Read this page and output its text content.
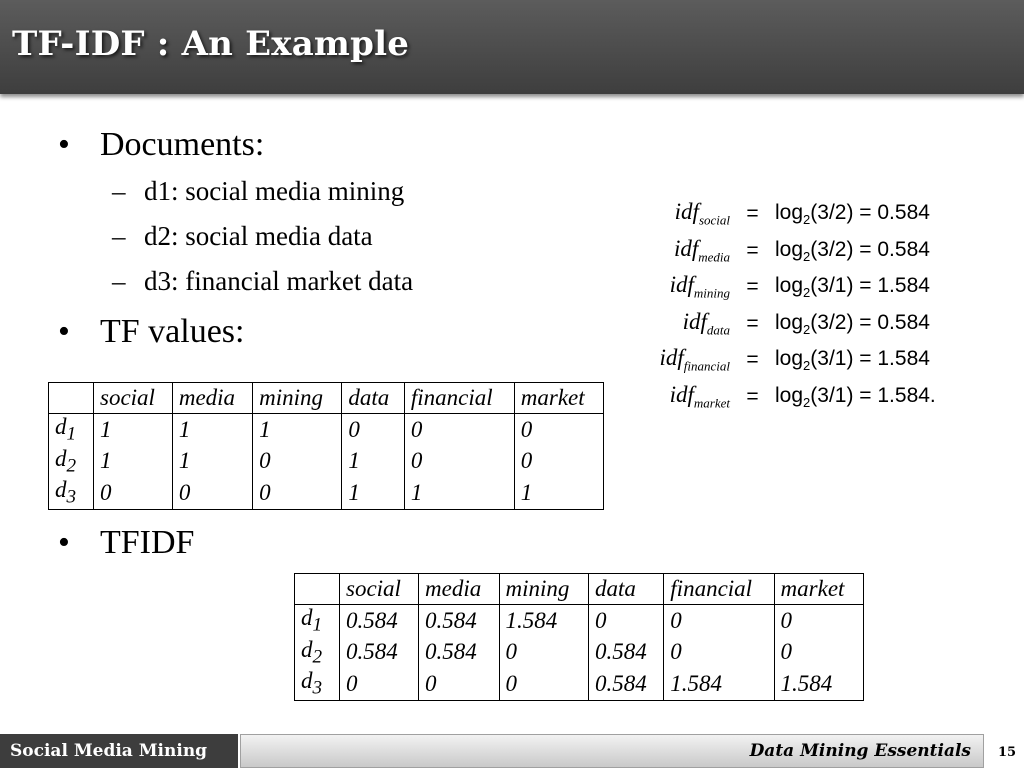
TF-IDF : An Example
• Documents:
– d1: social media mining
– d2: social media data
– d3: financial market data
• TF values:
	social	media	mining	data	financial	market
$d_1$	1	1	1	0	0	0
$d_2$	1	1	0	1	0	0
$d_3$	0	0	0	1	1	1
$idf_{social} = \log_2(3/2) = 0.584$
$idf_{media} = \log_2(3/2) = 0.584$
$idf_{mining} = \log_2(3/1) = 1.584$
$idf_{data} = \log_2(3/2) = 0.584$
$idf_{financial} = \log_2(3/1) = 1.584$
$idf_{market} = \log_2(3/1) = 1.584$.
• TFIDF
	social	media	mining	data	financial	market
$d_1$	0.584	0.584	1.584	0	0	0
$d_2$	0.584	0.584	0	0.584	0	0
$d_3$	0	0	0	0.584	1.584	1.584
Social Media Mining	Data Mining Essentials	15
